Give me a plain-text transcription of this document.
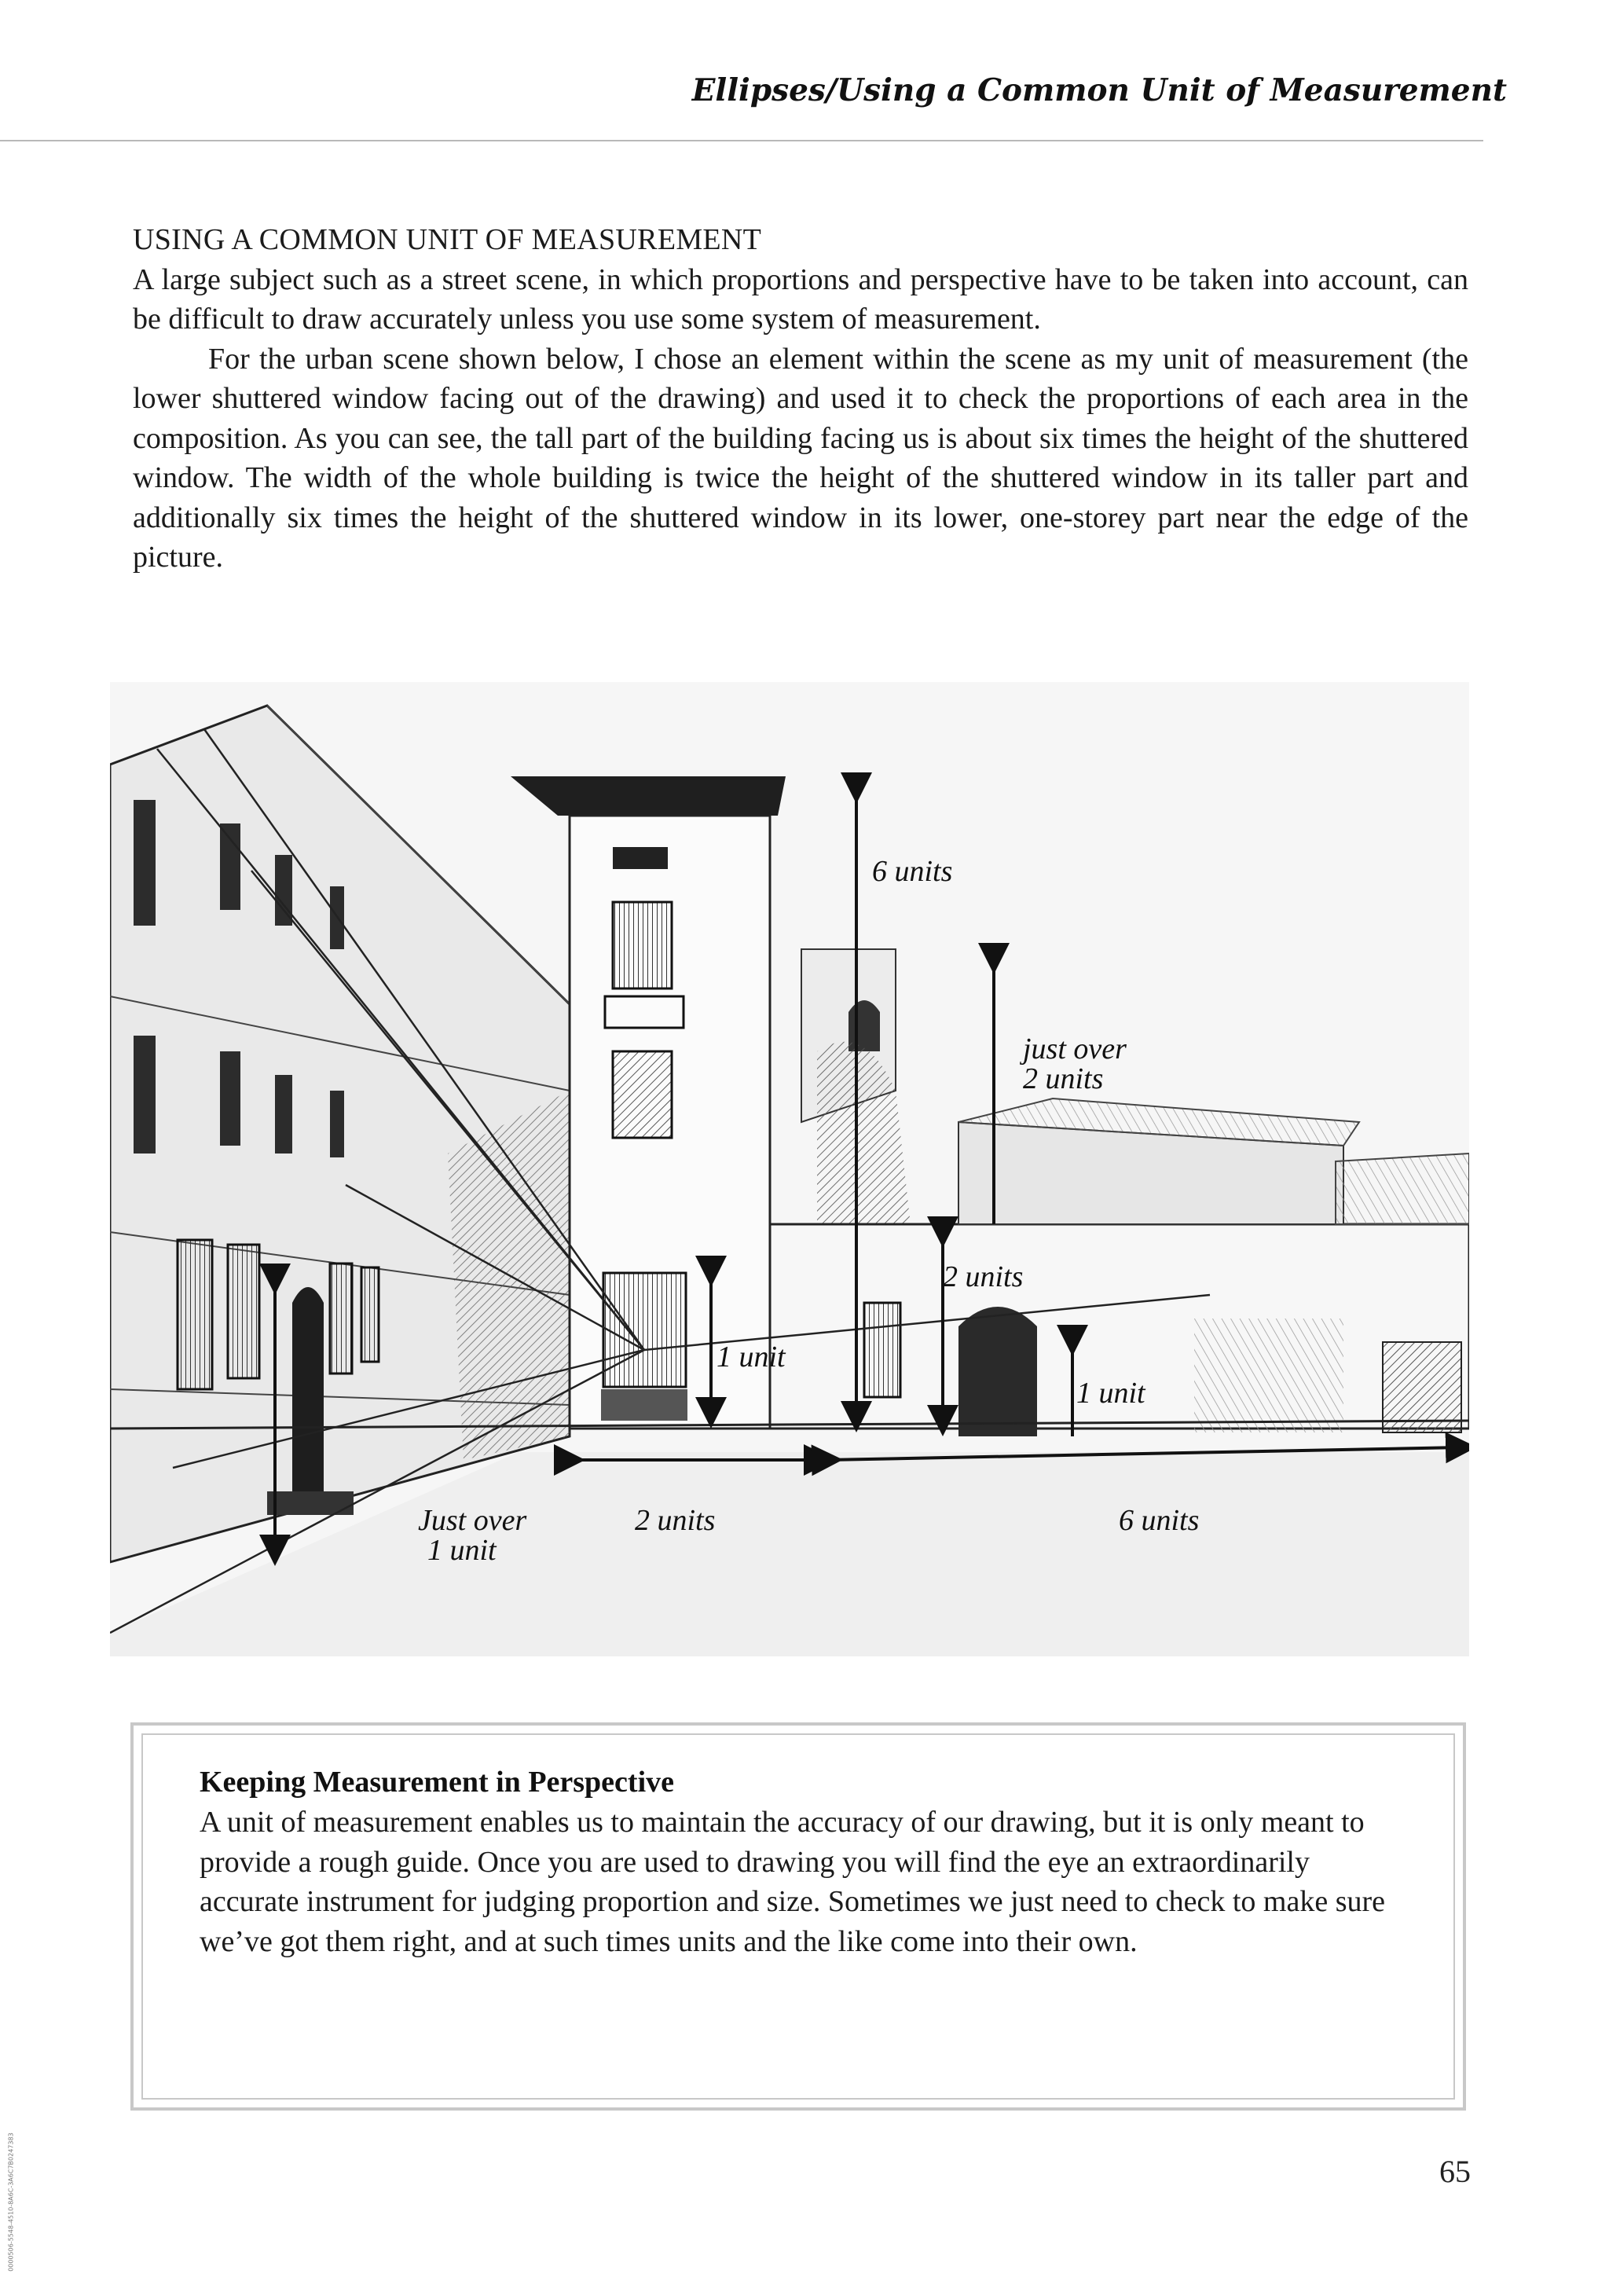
Ellipses/Using a Common Unit of Measurement
USING A COMMON UNIT OF MEASUREMENT

A large subject such as a street scene, in which proportions and perspective have to be taken into account, can be difficult to draw accurately unless you use some system of measurement.

For the urban scene shown below, I chose an element within the scene as my unit of measurement (the lower shuttered window facing out of the drawing) and used it to check the proportions of each area in the composition. As you can see, the tall part of the building facing us is about six times the height of the shuttered window. The width of the whole building is twice the height of the shuttered window in its taller part and additionally six times the height of the shuttered window in its lower, one-storey part near the edge of the picture.

6 units
just over
2 units
2 units
1 unit
1 unit
Just over
1 unit
2 units	6 units
Keeping Measurement in Perspective
A unit of measurement enables us to maintain the accuracy of our drawing, but it is only meant to provide a rough guide. Once you are used to drawing you will find the eye an extraordinarily accurate instrument for judging proportion and size. Sometimes we just need to check to make sure we’ve got them right, and at such times units and the like come into their own.
65
0000506-5548-4510-8A6C-3A6C7B0247383
